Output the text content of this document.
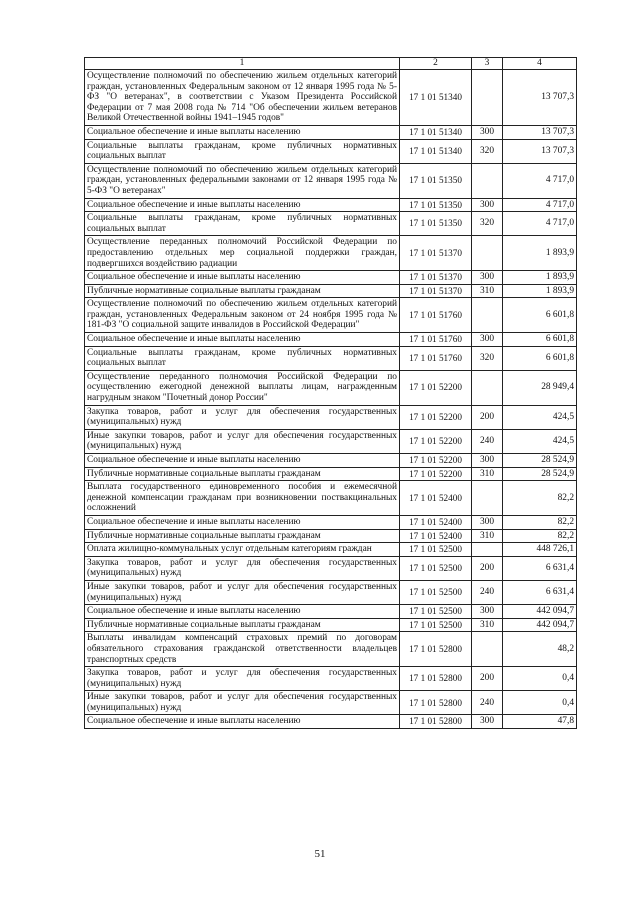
1	2	3	4
Осуществление полномочий по обеспечению жильем отдельных категорий граждан, установленных Федеральным законом от 12 января 1995 года № 5-ФЗ "О ветеранах", в соответствии с Указом Президента Российской Федерации от 7 мая 2008 года № 714 "Об обеспечении жильем ветеранов Великой Отечественной войны 1941–1945 годов"	17 1 01 51340		13 707,3
Социальное обеспечение и иные выплаты населению	17 1 01 51340	300	13 707,3
Социальные выплаты гражданам, кроме публичных нормативных социальных выплат	17 1 01 51340	320	13 707,3
Осуществление полномочий по обеспечению жильем отдельных категорий граждан, установленных федеральными законами от 12 января 1995 года № 5-ФЗ "О ветеранах"	17 1 01 51350		4 717,0
Социальное обеспечение и иные выплаты населению	17 1 01 51350	300	4 717,0
Социальные выплаты гражданам, кроме публичных нормативных социальных выплат	17 1 01 51350	320	4 717,0
Осуществление переданных полномочий Российской Федерации по предоставлению отдельных мер социальной поддержки граждан, подвергшихся воздействию радиации	17 1 01 51370		1 893,9
Социальное обеспечение и иные выплаты населению	17 1 01 51370	300	1 893,9
Публичные нормативные социальные выплаты гражданам	17 1 01 51370	310	1 893,9
Осуществление полномочий по обеспечению жильем отдельных категорий граждан, установленных Федеральным законом от 24 ноября 1995 года № 181-ФЗ "О социальной защите инвалидов в Российской Федерации"	17 1 01 51760		6 601,8
Социальное обеспечение и иные выплаты населению	17 1 01 51760	300	6 601,8
Социальные выплаты гражданам, кроме публичных нормативных социальных выплат	17 1 01 51760	320	6 601,8
Осуществление переданного полномочия Российской Федерации по осуществлению ежегодной денежной выплаты лицам, награжденным нагрудным знаком "Почетный донор России"	17 1 01 52200		28 949,4
Закупка товаров, работ и услуг для обеспечения государственных (муниципальных) нужд	17 1 01 52200	200	424,5
Иные закупки товаров, работ и услуг для обеспечения государственных (муниципальных) нужд	17 1 01 52200	240	424,5
Социальное обеспечение и иные выплаты населению	17 1 01 52200	300	28 524,9
Публичные нормативные социальные выплаты гражданам	17 1 01 52200	310	28 524,9
Выплата государственного единовременного пособия и ежемесячной денежной компенсации гражданам при возникновении поствакцинальных осложнений	17 1 01 52400		82,2
Социальное обеспечение и иные выплаты населению	17 1 01 52400	300	82,2
Публичные нормативные социальные выплаты гражданам	17 1 01 52400	310	82,2
Оплата жилищно-коммунальных услуг отдельным категориям граждан	17 1 01 52500		448 726,1
Закупка товаров, работ и услуг для обеспечения государственных (муниципальных) нужд	17 1 01 52500	200	6 631,4
Иные закупки товаров, работ и услуг для обеспечения государственных (муниципальных) нужд	17 1 01 52500	240	6 631,4
Социальное обеспечение и иные выплаты населению	17 1 01 52500	300	442 094,7
Публичные нормативные социальные выплаты гражданам	17 1 01 52500	310	442 094,7
Выплаты инвалидам компенсаций страховых премий по договорам обязательного страхования гражданской ответственности владельцев транспортных средств	17 1 01 52800		48,2
Закупка товаров, работ и услуг для обеспечения государственных (муниципальных) нужд	17 1 01 52800	200	0,4
Иные закупки товаров, работ и услуг для обеспечения государственных (муниципальных) нужд	17 1 01 52800	240	0,4
Социальное обеспечение и иные выплаты населению	17 1 01 52800	300	47,8
51
